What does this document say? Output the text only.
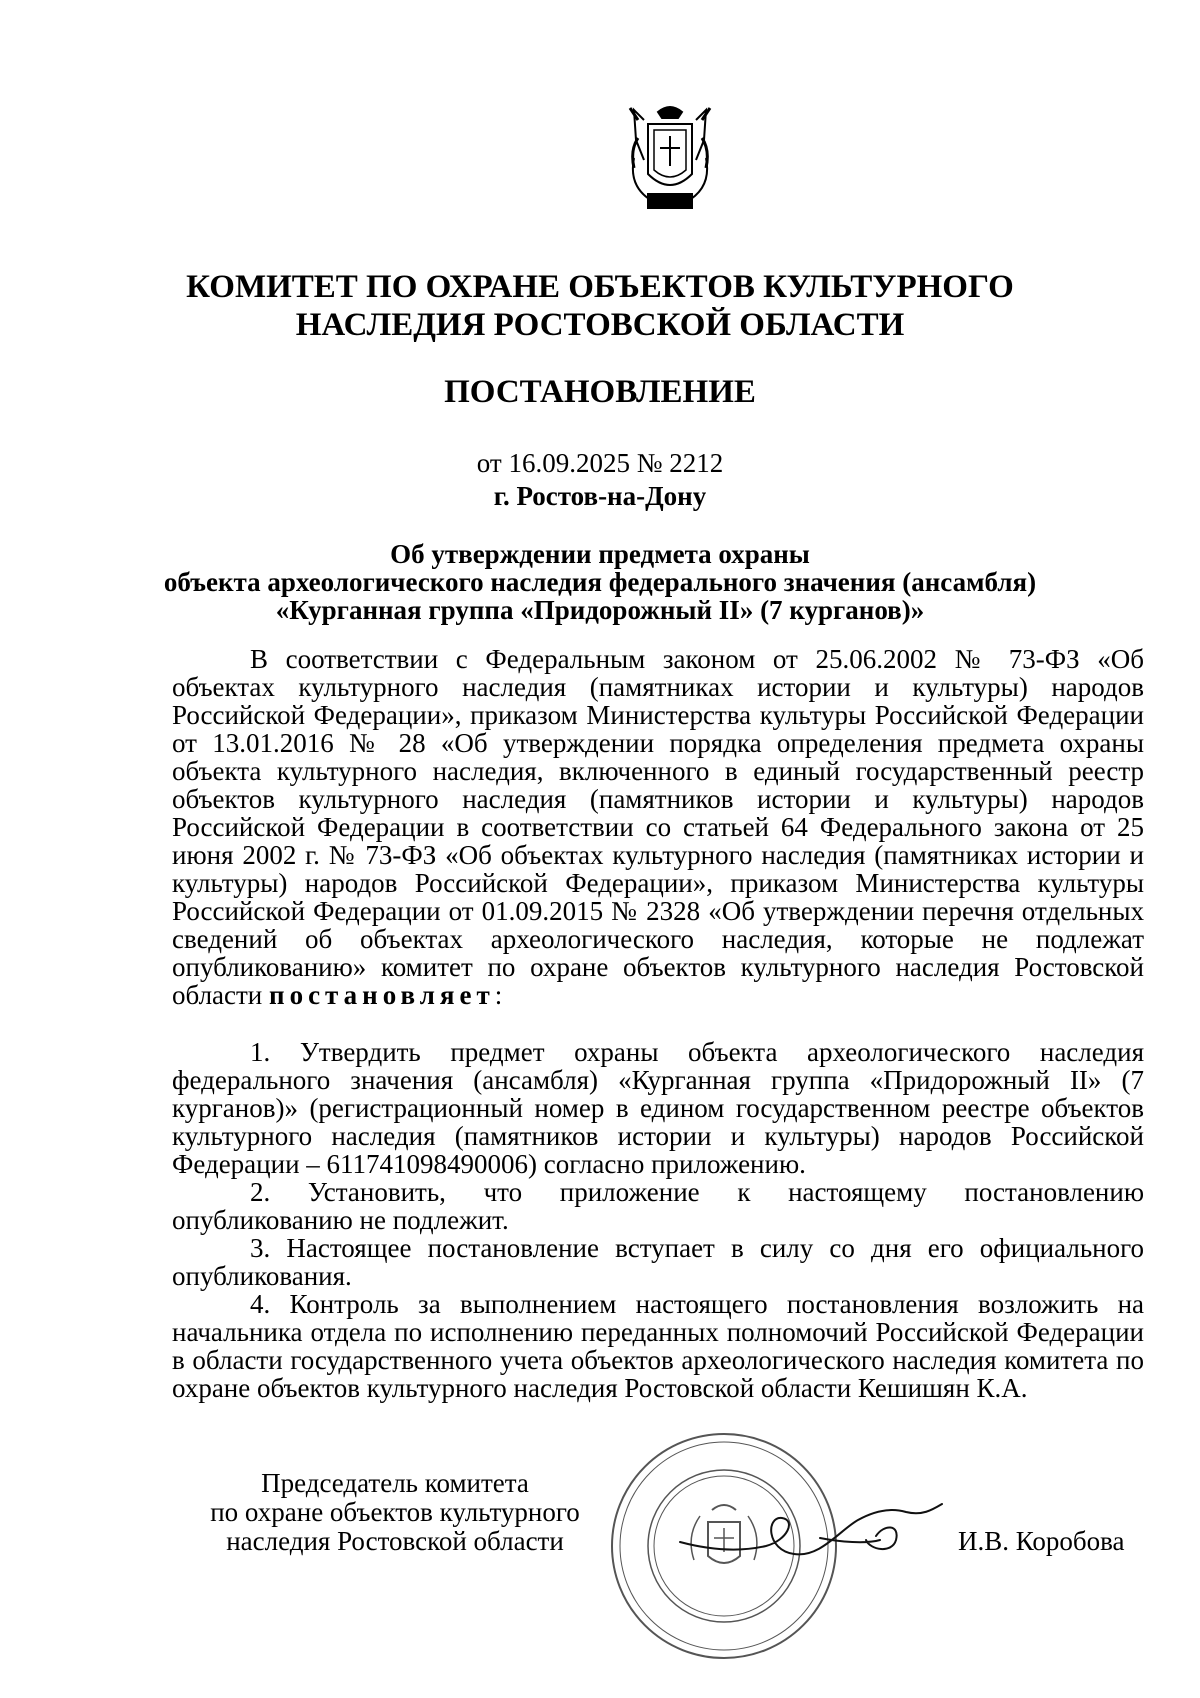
КОМИТЕТ ПО ОХРАНЕ ОБЪЕКТОВ КУЛЬТУРНОГО
НАСЛЕДИЯ РОСТОВСКОЙ ОБЛАСТИ
ПОСТАНОВЛЕНИЕ
от 16.09.2025 № 2212
г. Ростов-на-Дону
Об утверждении предмета охраны
объекта археологического наследия федерального значения (ансамбля)
«Курганная группа «Придорожный II» (7 курганов)»

В соответствии с Федеральным законом от 25.06.2002 № 73-ФЗ «Об объектах культурного наследия (памятниках истории и культуры) народов Российской Федерации», приказом Министерства культуры Российской Федерации от 13.01.2016 № 28 «Об утверждении порядка определения предмета охраны объекта культурного наследия, включенного в единый государственный реестр объектов культурного наследия (памятников истории и культуры) народов Российской Федерации в соответствии со статьей 64 Федерального закона от 25 июня 2002 г. № 73-ФЗ «Об объектах культурного наследия (памятниках истории и культуры) народов Российской Федерации», приказом Министерства культуры Российской Федерации от 01.09.2015 № 2328 «Об утверждении перечня отдельных сведений об объектах археологического наследия, которые не подлежат опубликованию» комитет по охране объектов культурного наследия Ростовской области постановляет:

1. Утвердить предмет охраны объекта археологического наследия федерального значения (ансамбля) «Курганная группа «Придорожный II» (7 курганов)» (регистрационный номер в едином государственном реестре объектов культурного наследия (памятников истории и культуры) народов Российской Федерации – 611741098490006) согласно приложению.

2. Установить, что приложение к настоящему постановлению опубликованию не подлежит.

3. Настоящее постановление вступает в силу со дня его официального опубликования.

4. Контроль за выполнением настоящего постановления возложить на начальника отдела по исполнению переданных полномочий Российской Федерации в области государственного учета объектов археологического наследия комитета по охране объектов культурного наследия Ростовской области Кешишян К.А.

Председатель комитета
по охране объектов культурного
наследия Ростовской области	И.В. Коробова
